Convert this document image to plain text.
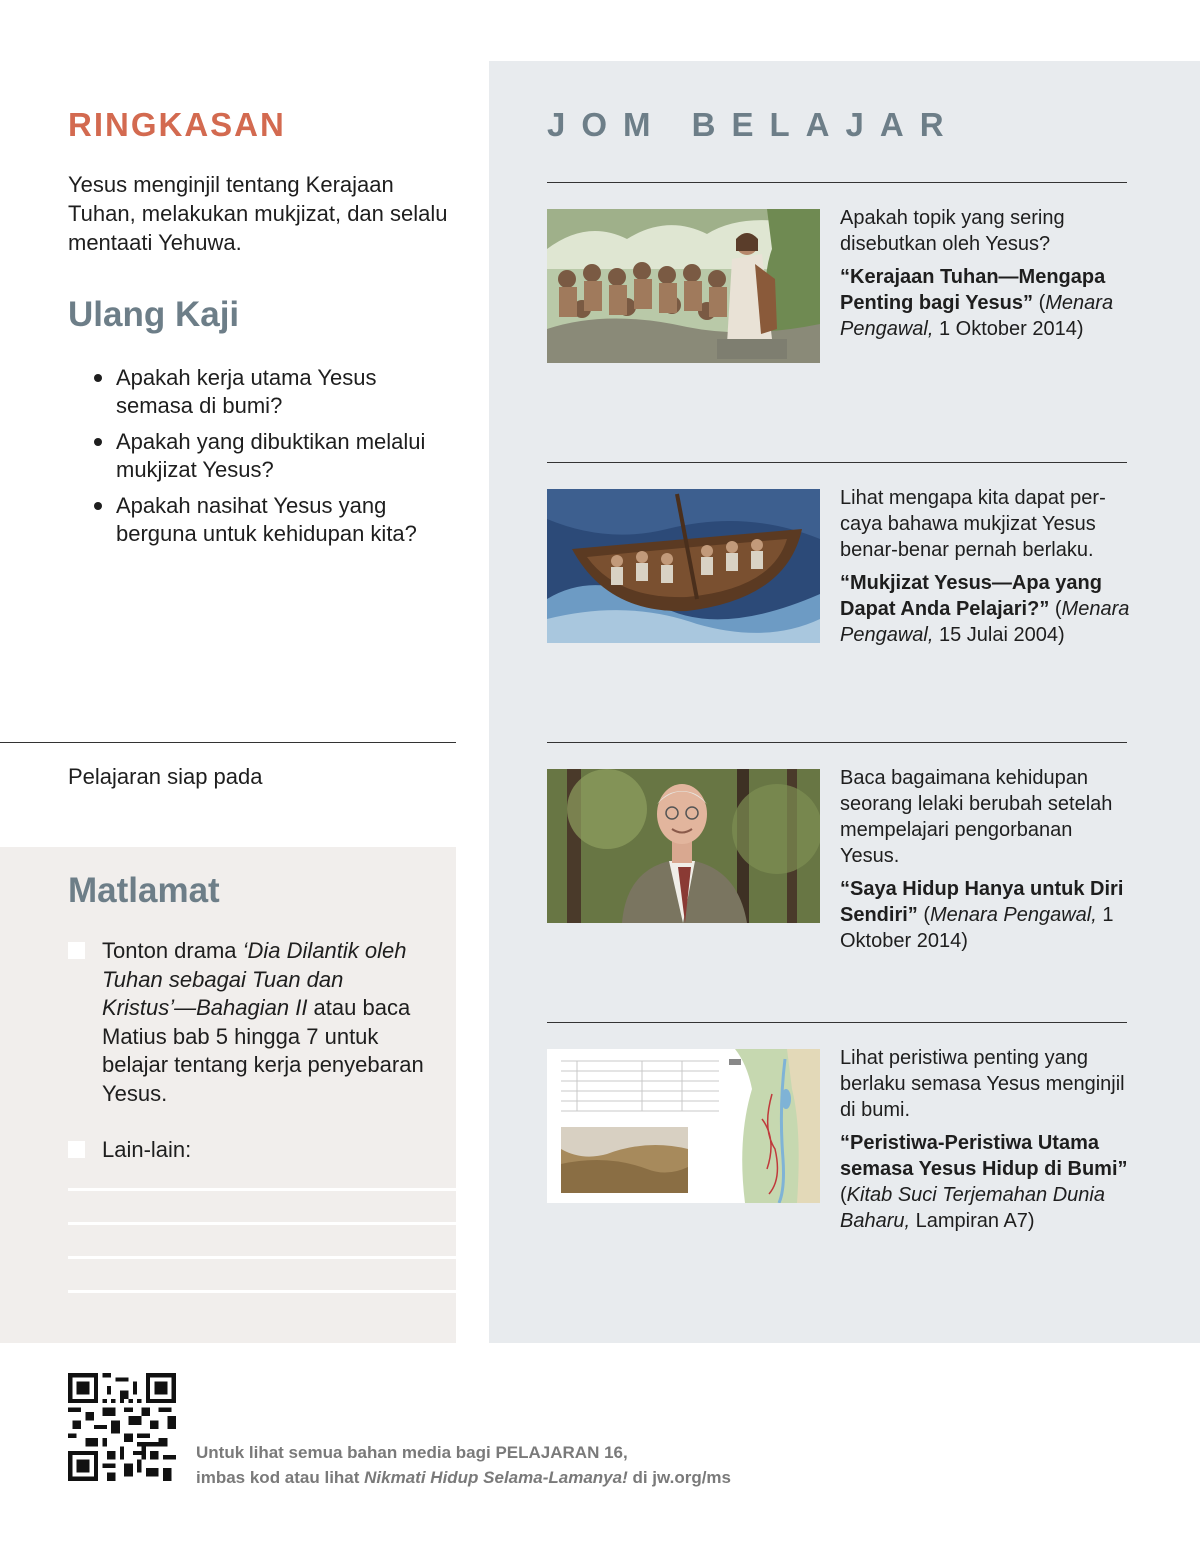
RINGKASAN

Yesus menginjil tentang Kerajaan Tuhan, melakukan mukjizat, dan selalu mentaati Yehuwa.

Ulang Kaji
Apakah kerja utama Yesus semasa di bumi?
Apakah yang dibuktikan melalui mukjizat Yesus?
Apakah nasihat Yesus yang berguna untuk kehidupan kita?

Pelajaran siap pada

Matlamat
Tonton drama ‘Dia Dilantik oleh Tuhan sebagai Tuan dan Kristus’—Bahagian II atau baca Matius bab 5 hingga 7 untuk belajar tentang kerja penyebaran Yesus.
Lain-lain:
JOM BELAJAR

Apakah topik yang sering disebutkan oleh Yesus?

“Kerajaan Tuhan—Mengapa Penting bagi Yesus” (Menara Pengawal, 1 Oktober 2014)

Lihat mengapa kita dapat percaya bahawa mukjizat Yesus benar-benar pernah berlaku.

“Mukjizat Yesus—Apa yang Dapat Anda Pelajari?” (Menara Pengawal, 15 Julai 2004)

Baca bagaimana kehidupan seorang lelaki berubah setelah mempelajari pengorbanan Yesus.

“Saya Hidup Hanya untuk Diri Sendiri” (Menara Pengawal, 1 Oktober 2014)

Lihat peristiwa penting yang berlaku semasa Yesus menginjil di bumi.

“Peristiwa-Peristiwa Utama semasa Yesus Hidup di Bumi” (Kitab Suci Terjemahan Dunia Baharu, Lampiran A7)

Untuk lihat semua bahan media bagi PELAJARAN 16,
imbas kod atau lihat Nikmati Hidup Selama-Lamanya! di jw.org/ms
